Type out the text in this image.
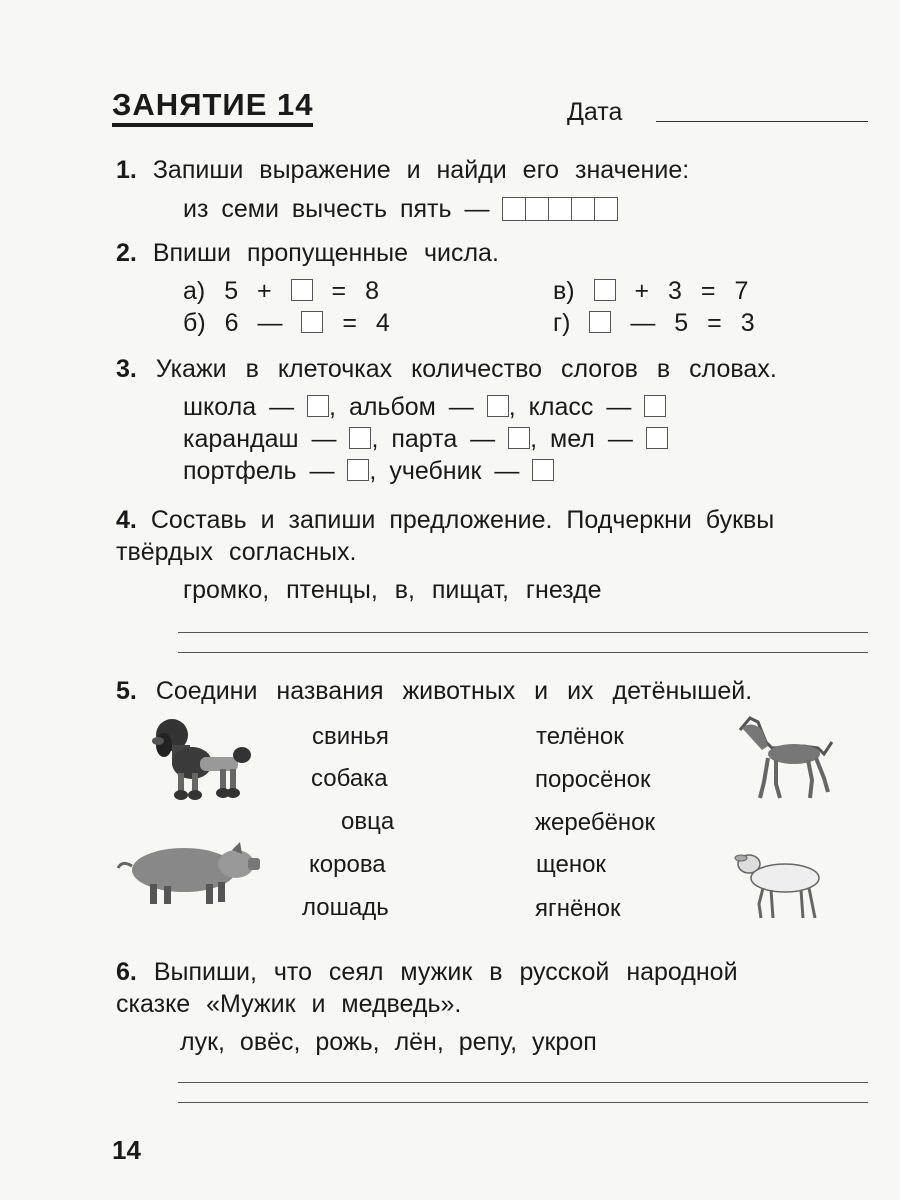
ЗАНЯТИЕ 14	Дата
1. Запиши выражение и найди его значение:
из семи вычесть пять —
2. Впиши пропущенные числа.
а) 5 + = 8	в) + 3 = 7
б) 6 — = 4	г) — 5 = 3
3. Укажи в клеточках количество слогов в словах.
школа — , альбом — , класс —
карандаш — , парта — , мел —
портфель — , учебник —
4. Составь и запиши предложение. Подчеркни буквы
твёрдых согласных.
громко, птенцы, в, пищат, гнезде
5. Соедини названия животных и их детёнышей.
свинья
собака
овца
корова
лошадь
телёнок
поросёнок
жеребёнок
щенок
ягнёнок
6. Выпиши, что сеял мужик в русской народной
сказке «Мужик и медведь».
лук, овёс, рожь, лён, репу, укроп
14
